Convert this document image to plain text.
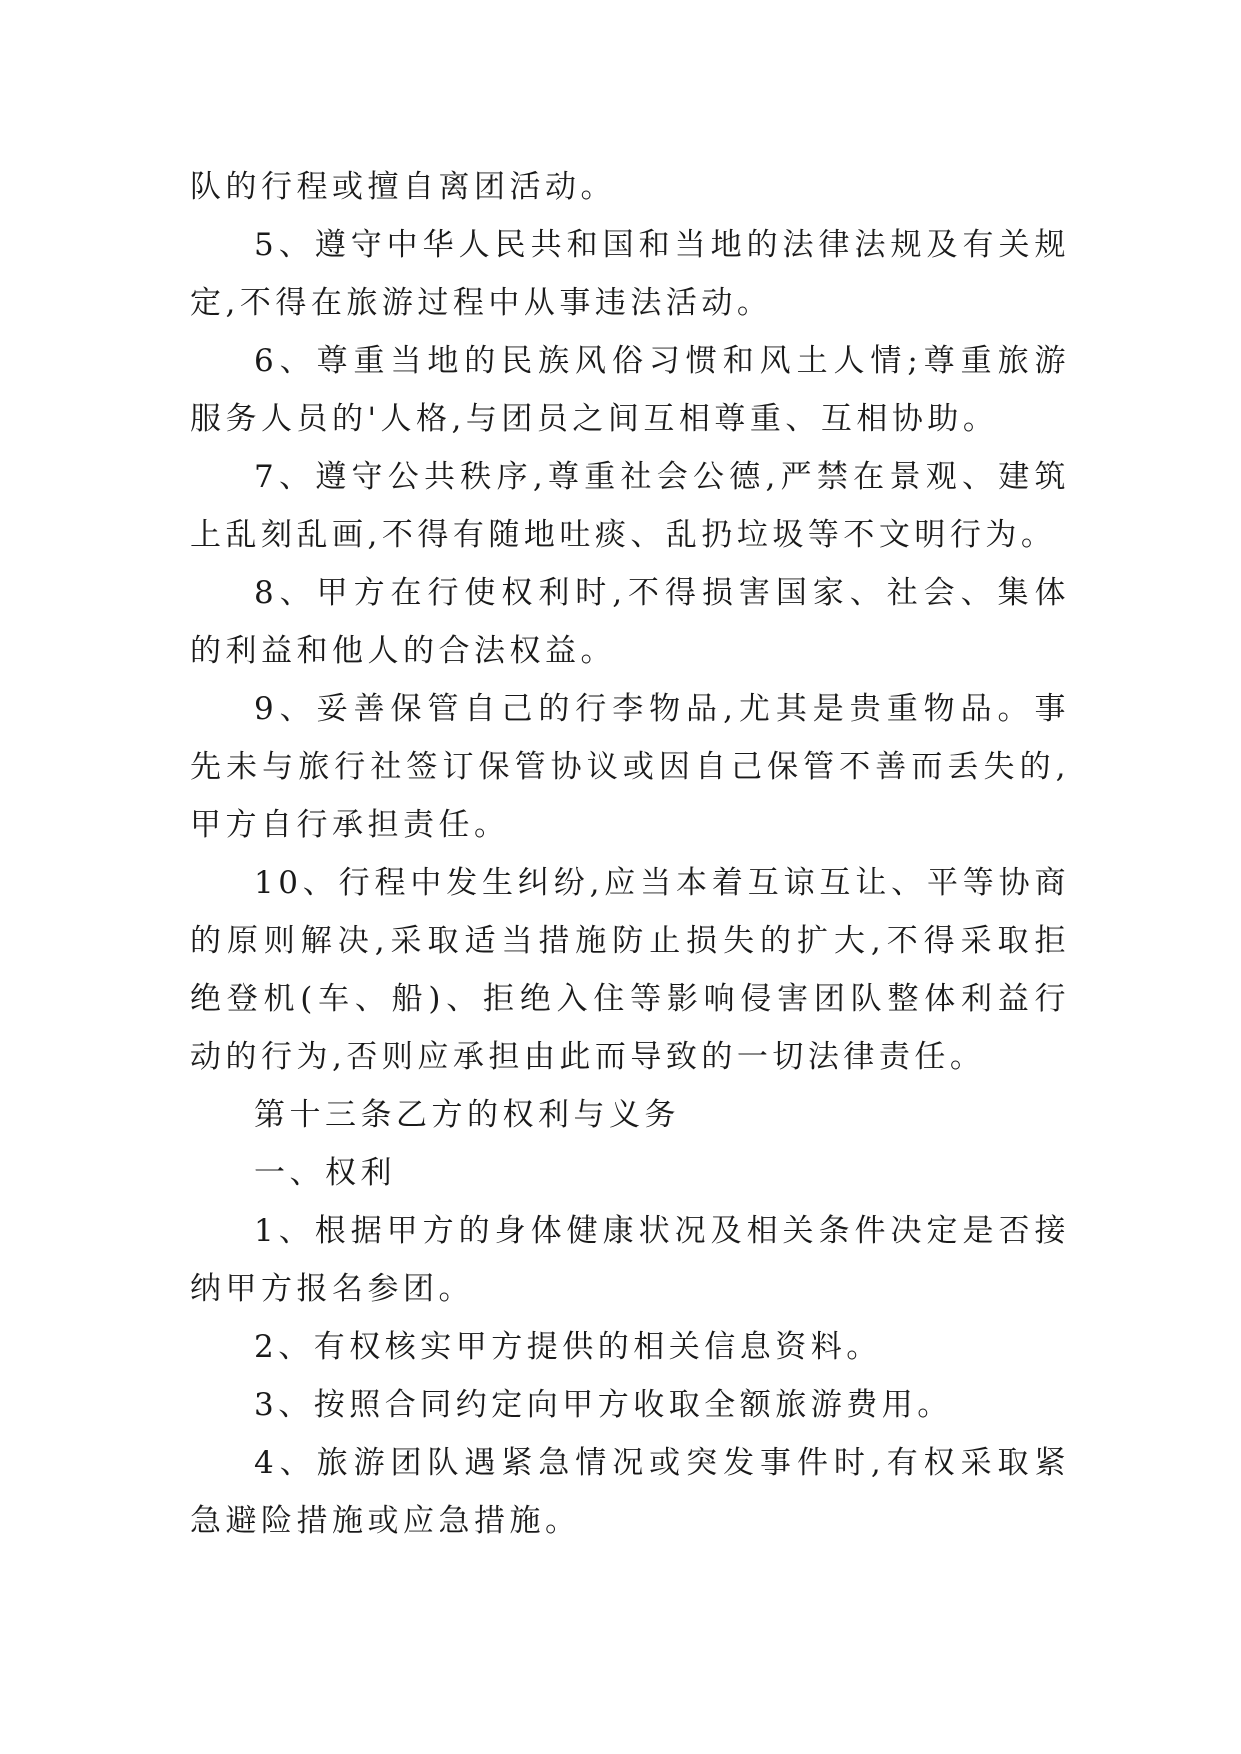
队的行程或擅自离团活动。

5、遵守中华人民共和国和当地的法律法规及有关规定,不得在旅游过程中从事违法活动。

6、尊重当地的民族风俗习惯和风土人情;尊重旅游服务人员的'人格,与团员之间互相尊重、互相协助。

7、遵守公共秩序,尊重社会公德,严禁在景观、建筑上乱刻乱画,不得有随地吐痰、乱扔垃圾等不文明行为。

8、甲方在行使权利时,不得损害国家、社会、集体的利益和他人的合法权益。

9、妥善保管自己的行李物品,尤其是贵重物品。事先未与旅行社签订保管协议或因自己保管不善而丢失的,甲方自行承担责任。

10、行程中发生纠纷,应当本着互谅互让、平等协商的原则解决,采取适当措施防止损失的扩大,不得采取拒绝登机(车、船)、拒绝入住等影响侵害团队整体利益行动的行为,否则应承担由此而导致的一切法律责任。

第十三条乙方的权利与义务

一、权利

1、根据甲方的身体健康状况及相关条件决定是否接纳甲方报名参团。

2、有权核实甲方提供的相关信息资料。

3、按照合同约定向甲方收取全额旅游费用。

4、旅游团队遇紧急情况或突发事件时,有权采取紧急避险措施或应急措施。
